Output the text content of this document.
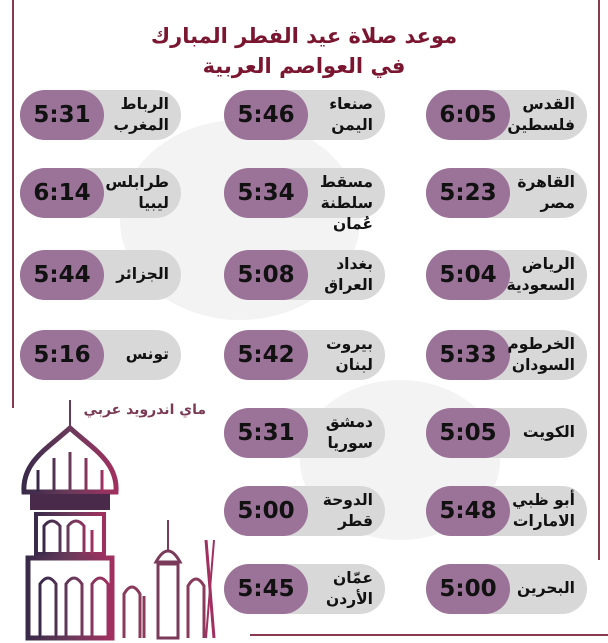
موعد صلاة عيد الفطر المبارك
في العواصم العربية
6:05	القدس
فلسطين
5:46	صنعاء
اليمن
5:31	الرباط
المغرب
5:23	القاهرة
مصر
5:34	مسقط
سلطنة عُمان
6:14 طرابلس
ليبيا
5:04	الرياض
السعودية
5:08	بغداد
العراق
5:44	الجزائر
5:33 الخرطوم
السودان
5:42	بيروت
لبنان
5:16	تونس
5:05	الكويت
5:31	دمشق
سوريا
5:48	أبو ظبي
الامارات
5:00	الدوحة
قطر
5:00	البحرين
5:45	عمّان
الأردن
ماي اندرويد عربي
